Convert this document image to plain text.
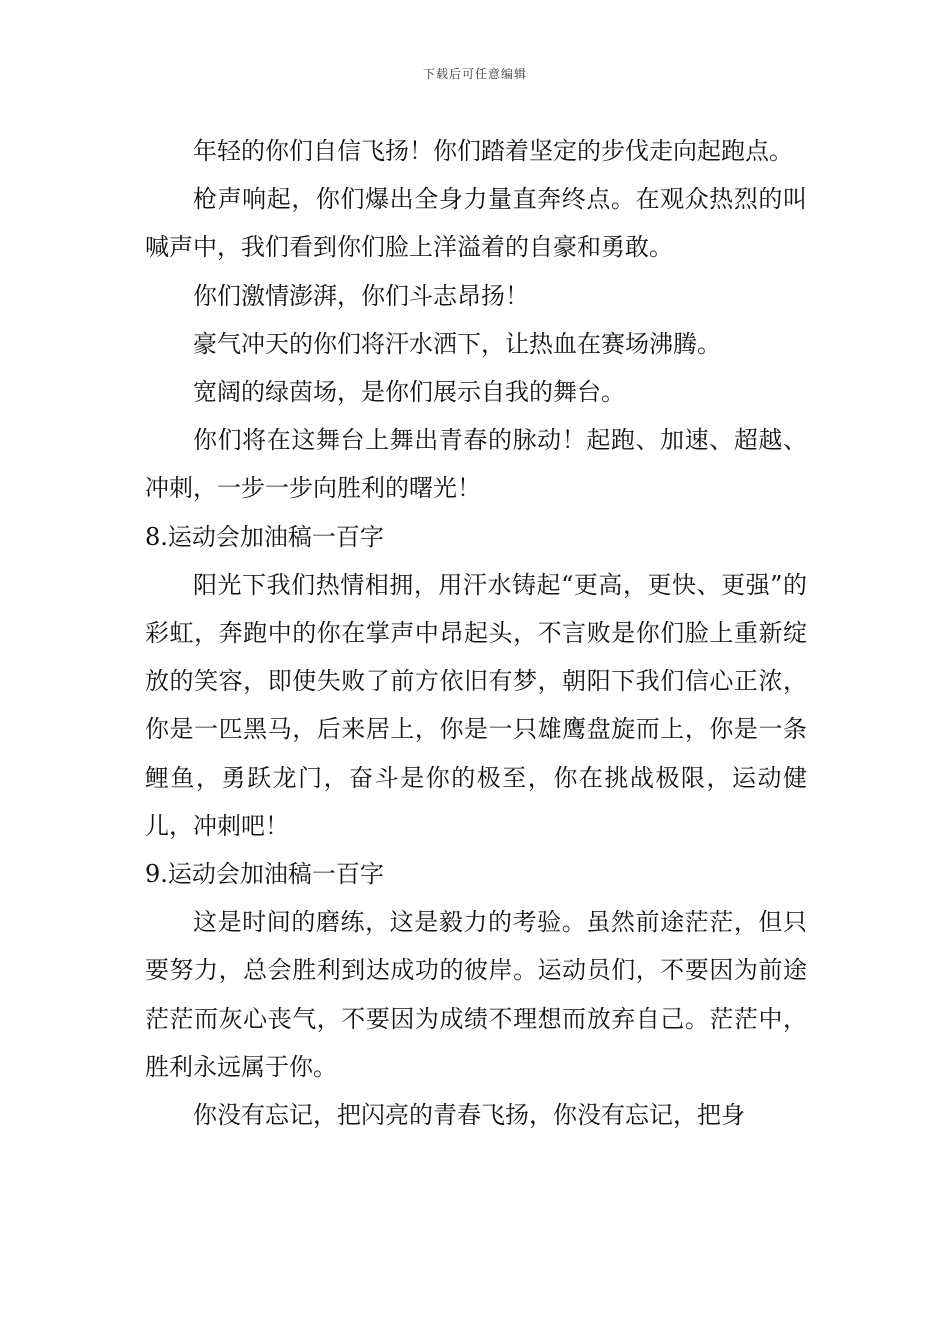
下载后可任意编辑

年轻的你们自信飞扬！你们踏着坚定的步伐走向起跑点。

枪声响起，你们爆出全身力量直奔终点。在观众热烈的叫喊声中，我们看到你们脸上洋溢着的自豪和勇敢。

你们激情澎湃，你们斗志昂扬！

豪气冲天的你们将汗水洒下，让热血在赛场沸腾。

宽阔的绿茵场，是你们展示自我的舞台。

你们将在这舞台上舞出青春的脉动！起跑、加速、超越、冲刺，一步一步向胜利的曙光！

8.运动会加油稿一百字

阳光下我们热情相拥，用汗水铸起“更高，更快、更强”的彩虹，奔跑中的你在掌声中昂起头，不言败是你们脸上重新绽放的笑容，即使失败了前方依旧有梦，朝阳下我们信心正浓，你是一匹黑马，后来居上，你是一只雄鹰盘旋而上，你是一条鲤鱼，勇跃龙门，奋斗是你的极至，你在挑战极限，运动健儿，冲刺吧！

9.运动会加油稿一百字

这是时间的磨练，这是毅力的考验。虽然前途茫茫，但只要努力，总会胜利到达成功的彼岸。运动员们，不要因为前途茫茫而灰心丧气，不要因为成绩不理想而放弃自己。茫茫中，胜利永远属于你。

你没有忘记，把闪亮的青春飞扬，你没有忘记，把身
